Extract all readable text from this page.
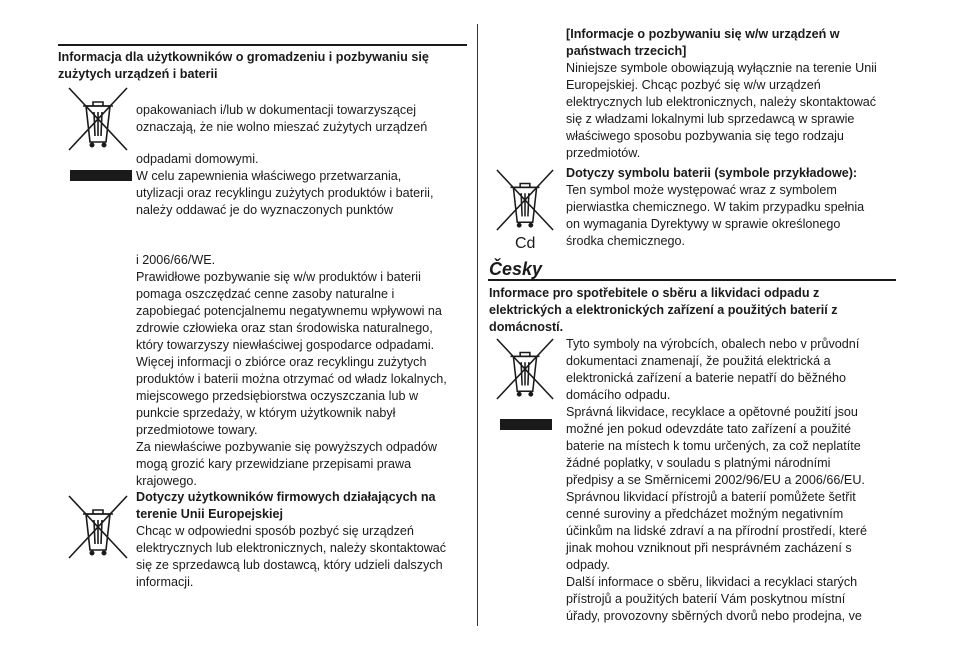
Informacja dla użytkowników o gromadzeniu i pozbywaniu się zużytych urządzeń i baterii
opakowaniach i/lub w dokumentacji towarzyszącej
oznaczają, że nie wolno mieszać zużytych urządzeń
odpadami domowymi.
W celu zapewnienia właściwego przetwarzania,
utylizacji oraz recyklingu zużytych produktów i baterii,
należy oddawać je do wyznaczonych punktów
i 2006/66/WE.
Prawidłowe pozbywanie się w/w produktów i baterii
pomaga oszczędzać cenne zasoby naturalne i
zapobiegać potencjalnemu negatywnemu wpływowi na
zdrowie człowieka oraz stan środowiska naturalnego,
który towarzyszy niewłaściwej gospodarce odpadami.
Więcej informacji o zbiórce oraz recyklingu zużytych
produktów i baterii można otrzymać od władz lokalnych,
miejscowego przedsiębiorstwa oczyszczania lub w
punkcie sprzedaży, w którym użytkownik nabył
przedmiotowe towary.
Za niewłaściwe pozbywanie się powyższych odpadów
mogą grozić kary przewidziane przepisami prawa
krajowego.
Dotyczy użytkowników firmowych działających na
terenie Unii Europejskiej
Chcąc w odpowiedni sposób pozbyć się urządzeń
elektrycznych lub elektronicznych, należy skontaktować
się ze sprzedawcą lub dostawcą, który udzieli dalszych
informacji.
[Informacje o pozbywaniu się w/w urządzeń w
państwach trzecich]
Niniejsze symbole obowiązują wyłącznie na terenie Unii
Europejskiej. Chcąc pozbyć się w/w urządzeń
elektrycznych lub elektronicznych, należy skontaktować
się z władzami lokalnymi lub sprzedawcą w sprawie
właściwego sposobu pozbywania się tego rodzaju
przedmiotów.
Cd
Dotyczy symbolu baterii (symbole przykładowe):
Ten symbol może występować wraz z symbolem
pierwiastka chemicznego. W takim przypadku spełnia
on wymagania Dyrektywy w sprawie określonego
środka chemicznego.
Česky
Informace pro spotřebitele o sběru a likvidaci odpadu z
elektrických a elektronických zařízení a použitých baterií z
domácností.
Tyto symboly na výrobcích, obalech nebo v průvodní
dokumentaci znamenají, že použitá elektrická a
elektronická zařízení a baterie nepatří do běžného
domácího odpadu.
Správná likvidace, recyklace a opětovné použití jsou
možné jen pokud odevzdáte tato zařízení a použité
baterie na místech k tomu určených, za což neplatíte
žádné poplatky, v souladu s platnými národními
předpisy a se Směrnicemi 2002/96/EU a 2006/66/EU.
Správnou likvidací přístrojů a baterií pomůžete šetřit
cenné suroviny a předcházet možným negativním
účinkům na lidské zdraví a na přírodní prostředí, které
jinak mohou vzniknout při nesprávném zacházení s
odpady.
Další informace o sběru, likvidaci a recyklaci starých
přístrojů a použitých baterií Vám poskytnou místní
úřady, provozovny sběrných dvorů nebo prodejna, ve
